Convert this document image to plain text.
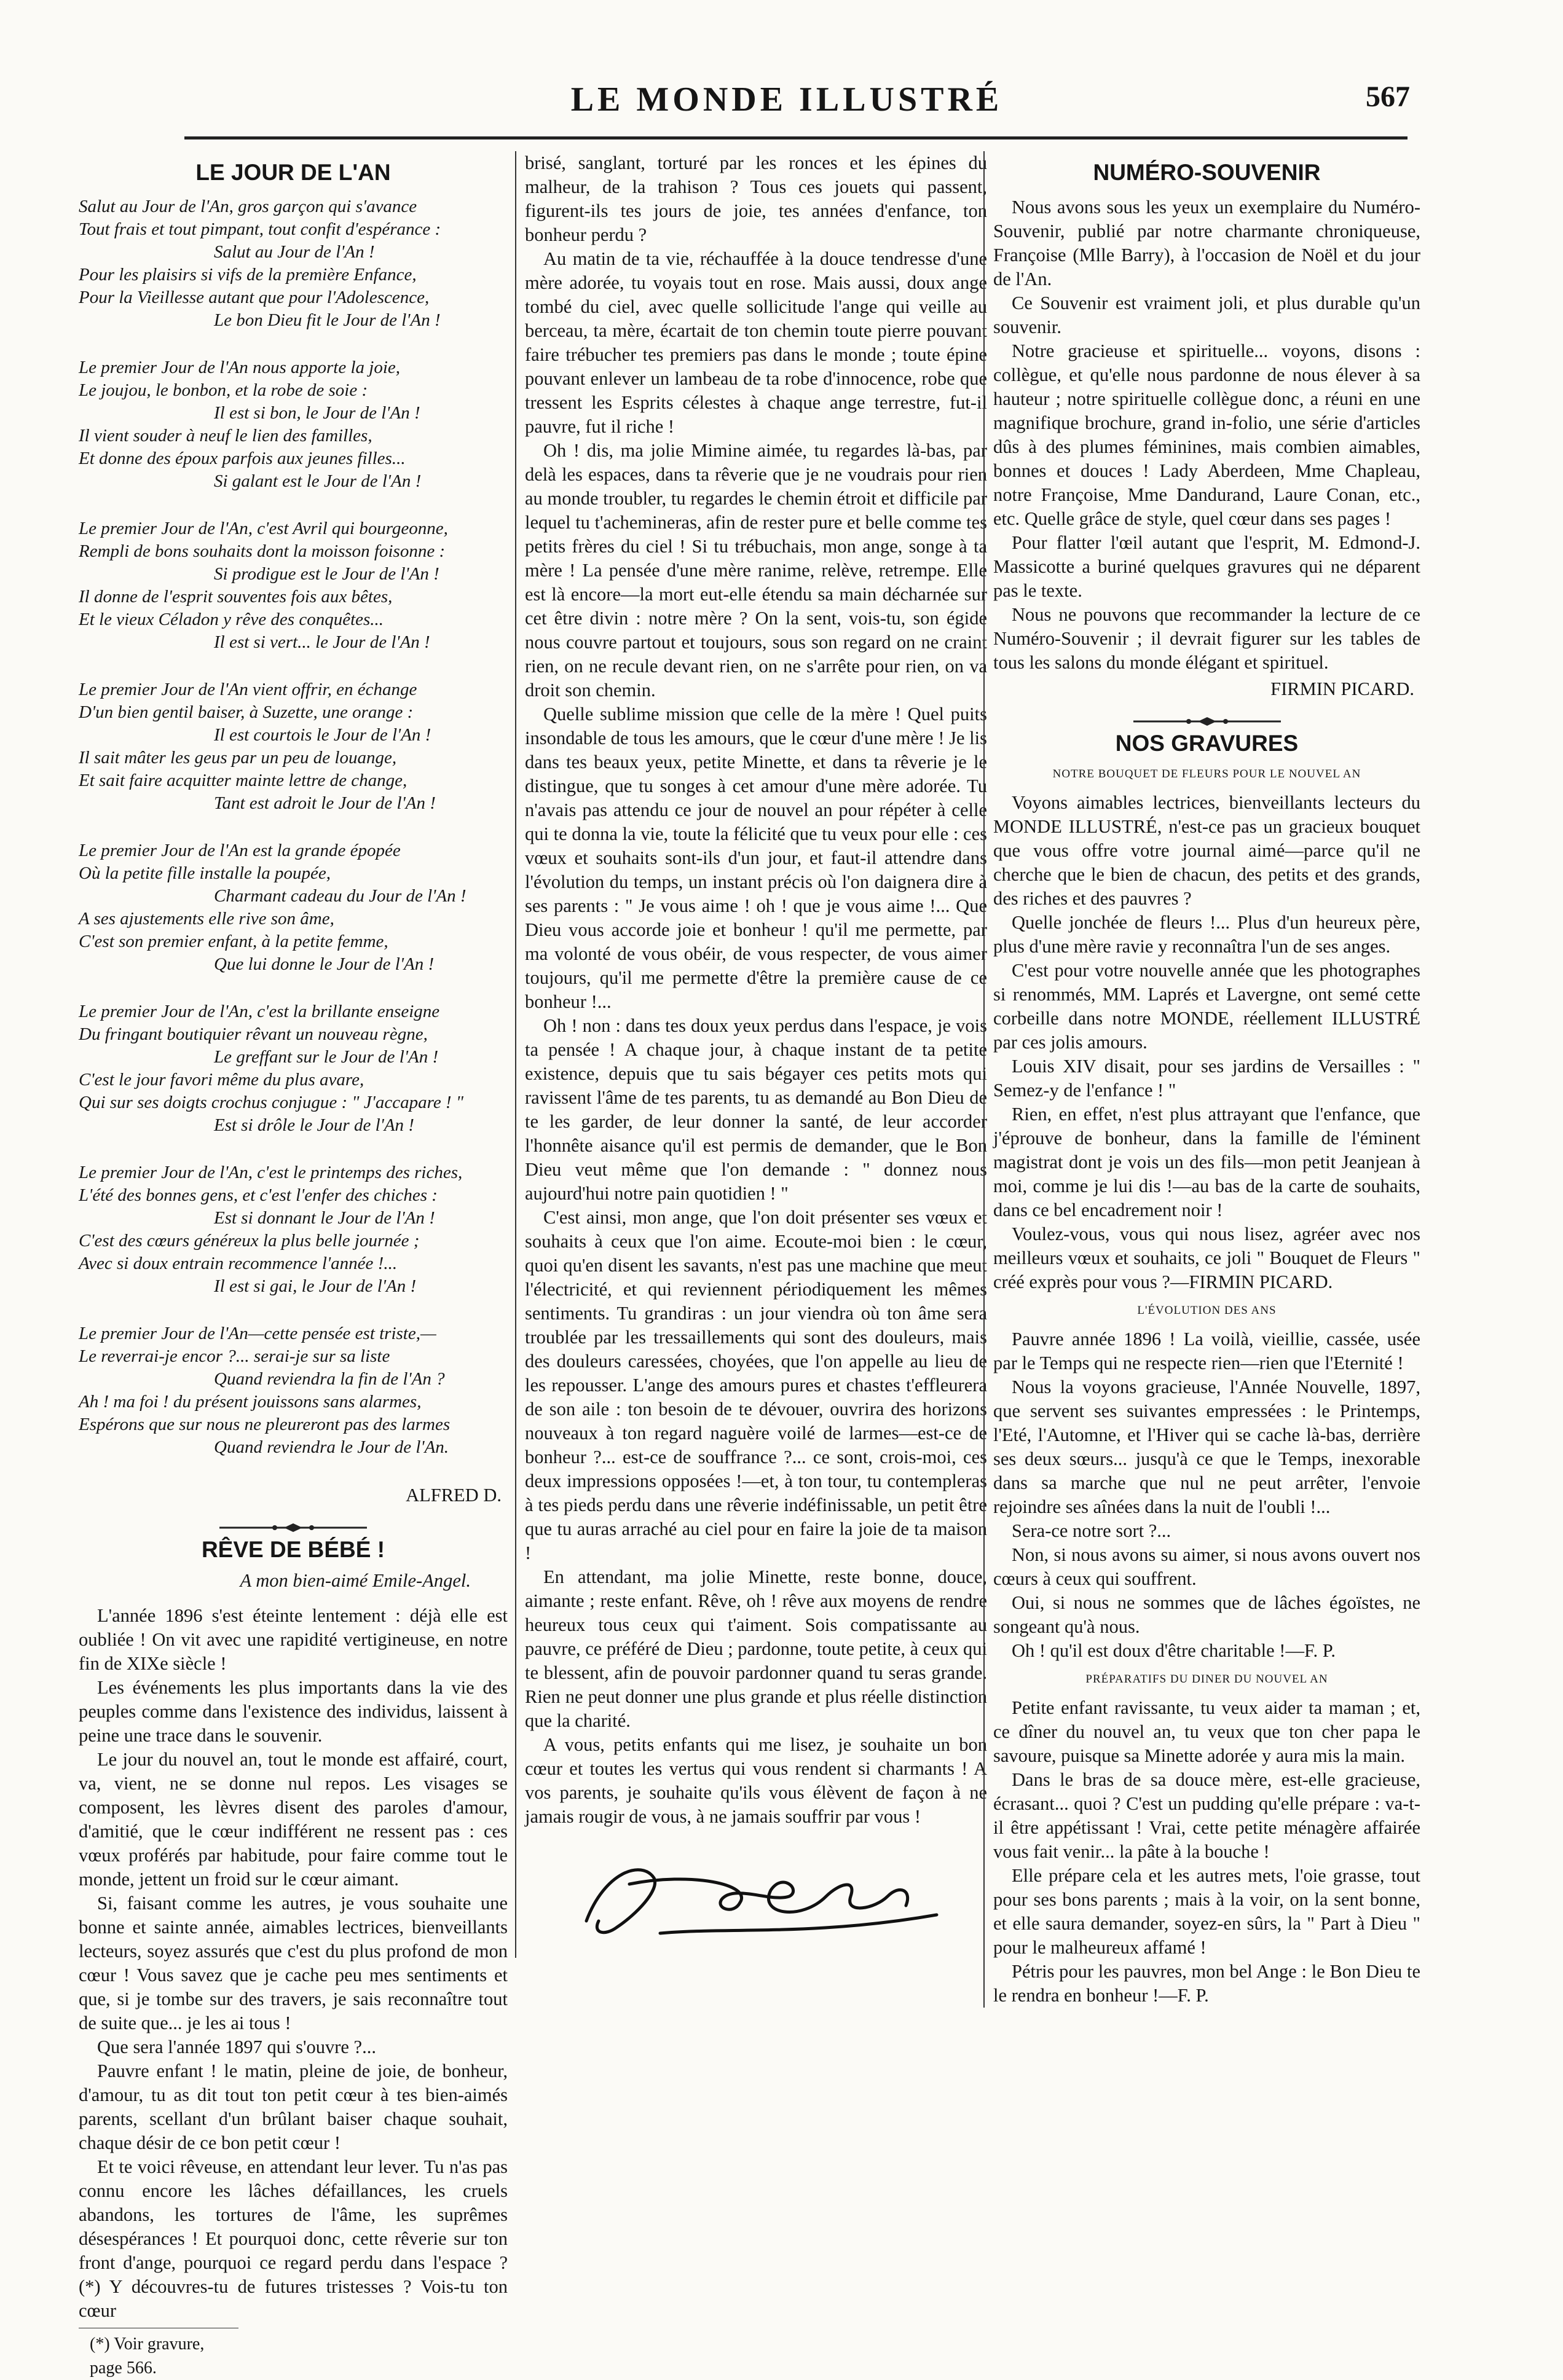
LE MONDE ILLUSTRÉ	567
LE JOUR DE L'AN
Salut au Jour de l'An, gros garçon qui s'avance
Tout frais et tout pimpant, tout confit d'espérance :
Salut au Jour de l'An !
Pour les plaisirs si vifs de la première Enfance,
Pour la Vieillesse autant que pour l'Adolescence,
Le bon Dieu fit le Jour de l'An !
Le premier Jour de l'An nous apporte la joie,
Le joujou, le bonbon, et la robe de soie :
Il est si bon, le Jour de l'An !
Il vient souder à neuf le lien des familles,
Et donne des époux parfois aux jeunes filles...
Si galant est le Jour de l'An !
Le premier Jour de l'An, c'est Avril qui bourgeonne,
Rempli de bons souhaits dont la moisson foisonne :
Si prodigue est le Jour de l'An !
Il donne de l'esprit souventes fois aux bêtes,
Et le vieux Céladon y rêve des conquêtes...
Il est si vert... le Jour de l'An !
Le premier Jour de l'An vient offrir, en échange
D'un bien gentil baiser, à Suzette, une orange :
Il est courtois le Jour de l'An !
Il sait mâter les geus par un peu de louange,
Et sait faire acquitter mainte lettre de change,
Tant est adroit le Jour de l'An !
Le premier Jour de l'An est la grande épopée
Où la petite fille installe la poupée,
Charmant cadeau du Jour de l'An !
A ses ajustements elle rive son âme,
C'est son premier enfant, à la petite femme,
Que lui donne le Jour de l'An !
Le premier Jour de l'An, c'est la brillante enseigne
Du fringant boutiquier rêvant un nouveau règne,
Le greffant sur le Jour de l'An !
C'est le jour favori même du plus avare,
Qui sur ses doigts crochus conjugue : " J'accapare ! "
Est si drôle le Jour de l'An !
Le premier Jour de l'An, c'est le printemps des riches,
L'été des bonnes gens, et c'est l'enfer des chiches :
Est si donnant le Jour de l'An !
C'est des cœurs généreux la plus belle journée ;
Avec si doux entrain recommence l'année !...
Il est si gai, le Jour de l'An !
Le premier Jour de l'An—cette pensée est triste,—
Le reverrai-je encor ?... serai-je sur sa liste
Quand reviendra la fin de l'An ?
Ah ! ma foi ! du présent jouissons sans alarmes,
Espérons que sur nous ne pleureront pas des larmes
Quand reviendra le Jour de l'An.
ALFRED D.
RÊVE DE BÉBÉ !
A mon bien-aimé Emile-Angel.

L'année 1896 s'est éteinte lentement : déjà elle est oubliée ! On vit avec une rapidité vertigineuse, en notre fin de XIXe siècle !

Les événements les plus importants dans la vie des peuples comme dans l'existence des individus, laissent à peine une trace dans le souvenir.

Le jour du nouvel an, tout le monde est affairé, court, va, vient, ne se donne nul repos. Les visages se composent, les lèvres disent des paroles d'amour, d'amitié, que le cœur indifférent ne ressent pas : ces vœux proférés par habitude, pour faire comme tout le monde, jettent un froid sur le cœur aimant.

Si, faisant comme les autres, je vous souhaite une bonne et sainte année, aimables lectrices, bienveillants lecteurs, soyez assurés que c'est du plus profond de mon cœur ! Vous savez que je cache peu mes sentiments et que, si je tombe sur des travers, je sais reconnaître tout de suite que... je les ai tous !

Que sera l'année 1897 qui s'ouvre ?...

Pauvre enfant ! le matin, pleine de joie, de bonheur, d'amour, tu as dit tout ton petit cœur à tes bien-aimés parents, scellant d'un brûlant baiser chaque souhait, chaque désir de ce bon petit cœur !

Et te voici rêveuse, en attendant leur lever. Tu n'as pas connu encore les lâches défaillances, les cruels abandons, les tortures de l'âme, les suprêmes désespérances ! Et pourquoi donc, cette rêverie sur ton front d'ange, pourquoi ce regard perdu dans l'espace ? (*) Y découvres-tu de futures tristesses ? Vois-tu ton cœur

(*) Voir gravure, page 566.

brisé, sanglant, torturé par les ronces et les épines du malheur, de la trahison ? Tous ces jouets qui passent, figurent-ils tes jours de joie, tes années d'enfance, ton bonheur perdu ?

Au matin de ta vie, réchauffée à la douce tendresse d'une mère adorée, tu voyais tout en rose. Mais aussi, doux ange tombé du ciel, avec quelle sollicitude l'ange qui veille au berceau, ta mère, écartait de ton chemin toute pierre pouvant faire trébucher tes premiers pas dans le monde ; toute épine pouvant enlever un lambeau de ta robe d'innocence, robe que tressent les Esprits célestes à chaque ange terrestre, fut-il pauvre, fut il riche !

Oh ! dis, ma jolie Mimine aimée, tu regardes là-bas, par delà les espaces, dans ta rêverie que je ne voudrais pour rien au monde troubler, tu regardes le chemin étroit et difficile par lequel tu t'achemineras, afin de rester pure et belle comme tes petits frères du ciel ! Si tu trébuchais, mon ange, songe à ta mère ! La pensée d'une mère ranime, relève, retrempe. Elle est là encore—la mort eut-elle étendu sa main décharnée sur cet être divin : notre mère ? On la sent, vois-tu, son égide nous couvre partout et toujours, sous son regard on ne craint rien, on ne recule devant rien, on ne s'arrête pour rien, on va droit son chemin.

Quelle sublime mission que celle de la mère ! Quel puits insondable de tous les amours, que le cœur d'une mère ! Je lis dans tes beaux yeux, petite Minette, et dans ta rêverie je le distingue, que tu songes à cet amour d'une mère adorée. Tu n'avais pas attendu ce jour de nouvel an pour répéter à celle qui te donna la vie, toute la félicité que tu veux pour elle : ces vœux et souhaits sont-ils d'un jour, et faut-il attendre dans l'évolution du temps, un instant précis où l'on daignera dire à ses parents : " Je vous aime ! oh ! que je vous aime !... Que Dieu vous accorde joie et bonheur ! qu'il me permette, par ma volonté de vous obéir, de vous respecter, de vous aimer toujours, qu'il me permette d'être la première cause de ce bonheur !...

Oh ! non : dans tes doux yeux perdus dans l'espace, je vois ta pensée ! A chaque jour, à chaque instant de ta petite existence, depuis que tu sais bégayer ces petits mots qui ravissent l'âme de tes parents, tu as demandé au Bon Dieu de te les garder, de leur donner la santé, de leur accorder l'honnête aisance qu'il est permis de demander, que le Bon Dieu veut même que l'on demande : " donnez nous aujourd'hui notre pain quotidien ! "

C'est ainsi, mon ange, que l'on doit présenter ses vœux et souhaits à ceux que l'on aime. Ecoute-moi bien : le cœur, quoi qu'en disent les savants, n'est pas une machine que meut l'électricité, et qui reviennent périodiquement les mêmes sentiments. Tu grandiras : un jour viendra où ton âme sera troublée par les tressaillements qui sont des douleurs, mais des douleurs caressées, choyées, que l'on appelle au lieu de les repousser. L'ange des amours pures et chastes t'effleurera de son aile : ton besoin de te dévouer, ouvrira des horizons nouveaux à ton regard naguère voilé de larmes—est-ce de bonheur ?... est-ce de souffrance ?... ce sont, crois-moi, ces deux impressions opposées !—et, à ton tour, tu contempleras à tes pieds perdu dans une rêverie indéfinissable, un petit être que tu auras arraché au ciel pour en faire la joie de ta maison !

En attendant, ma jolie Minette, reste bonne, douce, aimante ; reste enfant. Rêve, oh ! rêve aux moyens de rendre heureux tous ceux qui t'aiment. Sois compatissante au pauvre, ce préféré de Dieu ; pardonne, toute petite, à ceux qui te blessent, afin de pouvoir pardonner quand tu seras grande. Rien ne peut donner une plus grande et plus réelle distinction que la charité.

A vous, petits enfants qui me lisez, je souhaite un bon cœur et toutes les vertus qui vous rendent si charmants ! A vos parents, je souhaite qu'ils vous élèvent de façon à ne jamais rougir de vous, à ne jamais souffrir par vous !

NUMÉRO-SOUVENIR

Nous avons sous les yeux un exemplaire du Numéro-Souvenir, publié par notre charmante chroniqueuse, Françoise (Mlle Barry), à l'occasion de Noël et du jour de l'An.

Ce Souvenir est vraiment joli, et plus durable qu'un souvenir.

Notre gracieuse et spirituelle... voyons, disons : collègue, et qu'elle nous pardonne de nous élever à sa hauteur ; notre spirituelle collègue donc, a réuni en une magnifique brochure, grand in-folio, une série d'articles dûs à des plumes féminines, mais combien aimables, bonnes et douces ! Lady Aberdeen, Mme Chapleau, notre Françoise, Mme Dandurand, Laure Conan, etc., etc. Quelle grâce de style, quel cœur dans ses pages !

Pour flatter l'œil autant que l'esprit, M. Edmond-J. Massicotte a buriné quelques gravures qui ne déparent pas le texte.

Nous ne pouvons que recommander la lecture de ce Numéro-Souvenir ; il devrait figurer sur les tables de tous les salons du monde élégant et spirituel.

FIRMIN PICARD.
NOS GRAVURES
NOTRE BOUQUET DE FLEURS POUR LE NOUVEL AN

Voyons aimables lectrices, bienveillants lecteurs du MONDE ILLUSTRÉ, n'est-ce pas un gracieux bouquet que vous offre votre journal aimé—parce qu'il ne cherche que le bien de chacun, des petits et des grands, des riches et des pauvres ?

Quelle jonchée de fleurs !... Plus d'un heureux père, plus d'une mère ravie y reconnaîtra l'un de ses anges.

C'est pour votre nouvelle année que les photographes si renommés, MM. Laprés et Lavergne, ont semé cette corbeille dans notre MONDE, réellement ILLUSTRÉ par ces jolis amours.

Louis XIV disait, pour ses jardins de Versailles : " Semez-y de l'enfance ! "

Rien, en effet, n'est plus attrayant que l'enfance, que j'éprouve de bonheur, dans la famille de l'éminent magistrat dont je vois un des fils—mon petit Jeanjean à moi, comme je lui dis !—au bas de la carte de souhaits, dans ce bel encadrement noir !

Voulez-vous, vous qui nous lisez, agréer avec nos meilleurs vœux et souhaits, ce joli " Bouquet de Fleurs " créé exprès pour vous ?—FIRMIN PICARD.

L'ÉVOLUTION DES ANS

Pauvre année 1896 ! La voilà, vieillie, cassée, usée par le Temps qui ne respecte rien—rien que l'Eternité !

Nous la voyons gracieuse, l'Année Nouvelle, 1897, que servent ses suivantes empressées : le Printemps, l'Eté, l'Automne, et l'Hiver qui se cache là-bas, derrière ses deux sœurs... jusqu'à ce que le Temps, inexorable dans sa marche que nul ne peut arrêter, l'envoie rejoindre ses aînées dans la nuit de l'oubli !...

Sera-ce notre sort ?...

Non, si nous avons su aimer, si nous avons ouvert nos cœurs à ceux qui souffrent.

Oui, si nous ne sommes que de lâches égoïstes, ne songeant qu'à nous.

Oh ! qu'il est doux d'être charitable !—F. P.

PRÉPARATIFS DU DINER DU NOUVEL AN

Petite enfant ravissante, tu veux aider ta maman ; et, ce dîner du nouvel an, tu veux que ton cher papa le savoure, puisque sa Minette adorée y aura mis la main.

Dans le bras de sa douce mère, est-elle gracieuse, écrasant... quoi ? C'est un pudding qu'elle prépare : va-t-il être appétissant ! Vrai, cette petite ménagère affairée vous fait venir... la pâte à la bouche !

Elle prépare cela et les autres mets, l'oie grasse, tout pour ses bons parents ; mais à la voir, on la sent bonne, et elle saura demander, soyez-en sûrs, la " Part à Dieu " pour le malheureux affamé !

Pétris pour les pauvres, mon bel Ange : le Bon Dieu te le rendra en bonheur !—F. P.
